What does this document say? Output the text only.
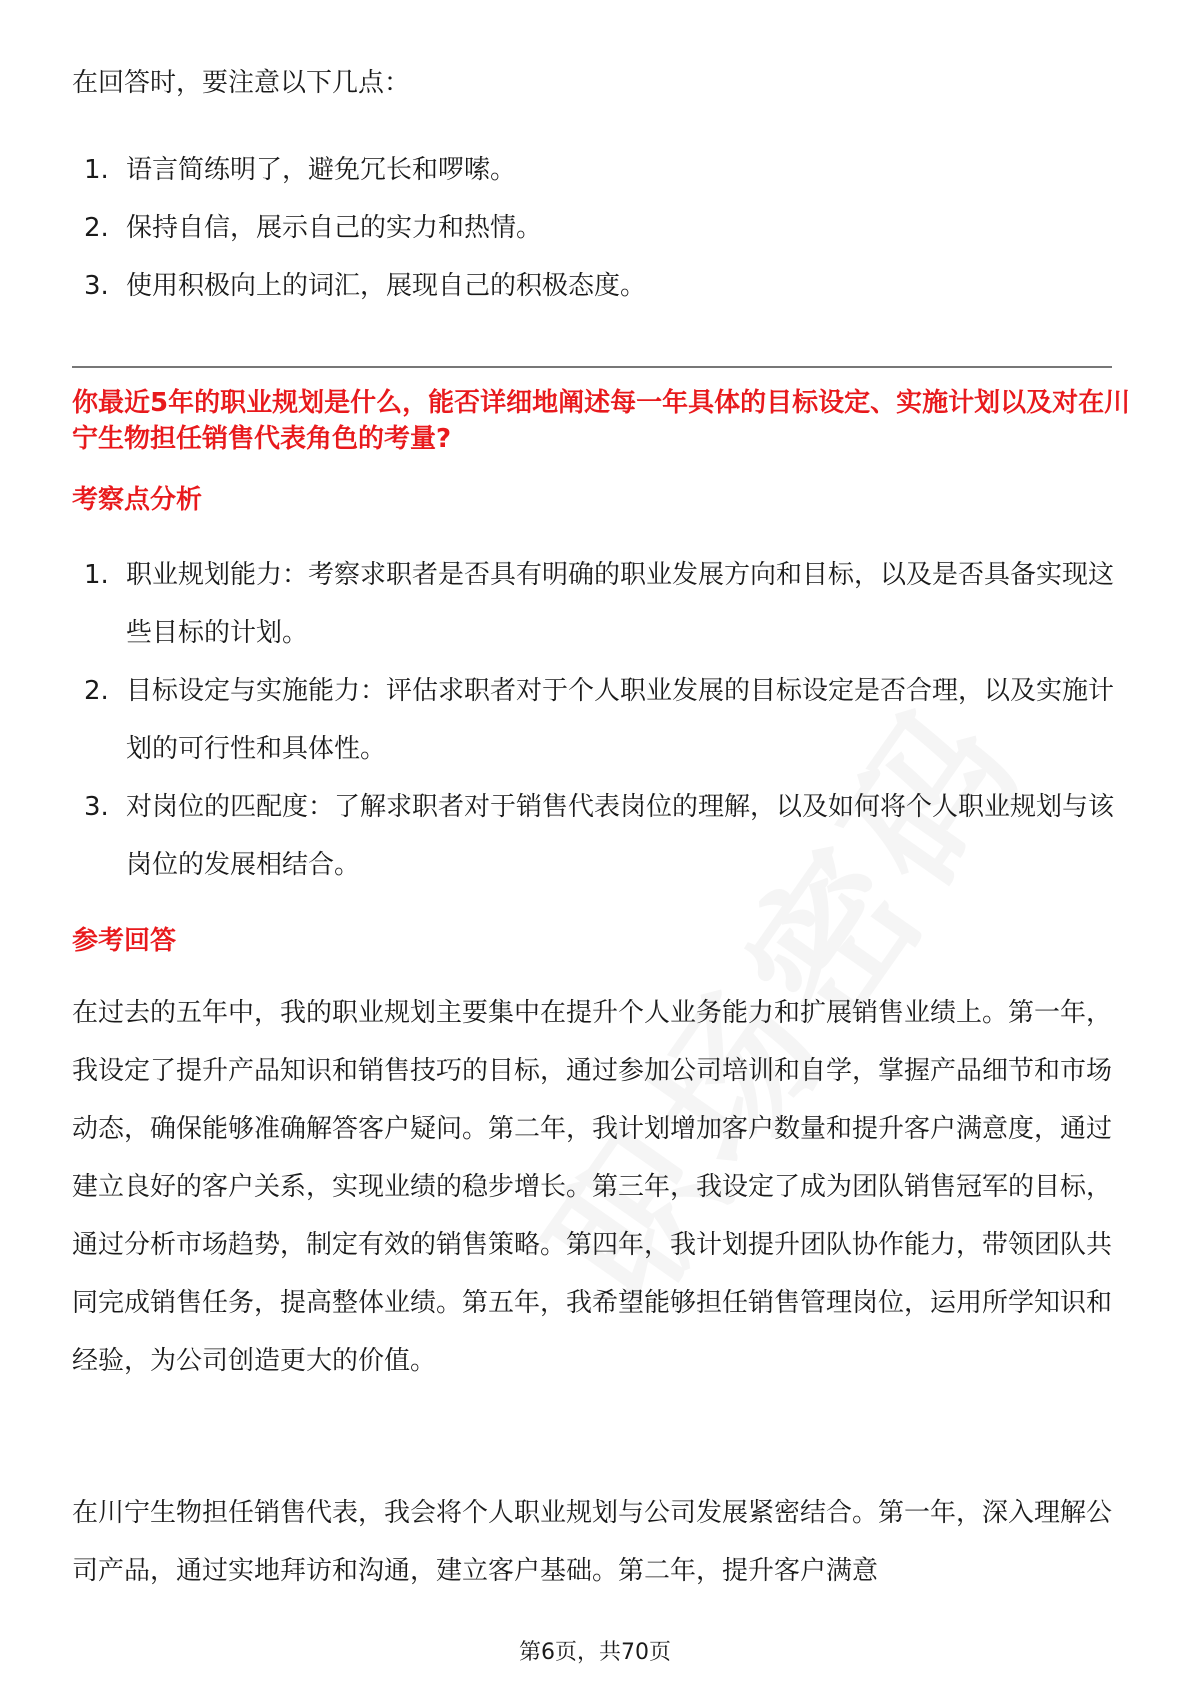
在回答时，要注意以下几点：
1. 语言简练明了，避免冗长和啰嗦。
2. 保持自信，展示自己的实力和热情。
3. 使用积极向上的词汇，展现自己的积极态度。
你最近5年的职业规划是什么，能否详细地阐述每一年具体的目标设定、实施计划以及对在川宁生物担任销售代表角色的考量?
考察点分析
1. 职业规划能力：考察求职者是否具有明确的职业发展方向和目标，以及是否具备实现这些目标的计划。
2. 目标设定与实施能力：评估求职者对于个人职业发展的目标设定是否合理，以及实施计划的可行性和具体性。
3. 对岗位的匹配度：了解求职者对于销售代表岗位的理解，以及如何将个人职业规划与该岗位的发展相结合。
参考回答
在过去的五年中，我的职业规划主要集中在提升个人业务能力和扩展销售业绩上。第一年，我设定了提升产品知识和销售技巧的目标，通过参加公司培训和自学，掌握产品细节和市场动态，确保能够准确解答客户疑问。第二年，我计划增加客户数量和提升客户满意度，通过建立良好的客户关系，实现业绩的稳步增长。第三年，我设定了成为团队销售冠军的目标，通过分析市场趋势，制定有效的销售策略。第四年，我计划提升团队协作能力，带领团队共同完成销售任务，提高整体业绩。第五年，我希望能够担任销售管理岗位，运用所学知识和经验，为公司创造更大的价值。
在川宁生物担任销售代表，我会将个人职业规划与公司发展紧密结合。第一年，深入理解公司产品，通过实地拜访和沟通，建立客户基础。第二年，提升客户满意
第6页，共70页
